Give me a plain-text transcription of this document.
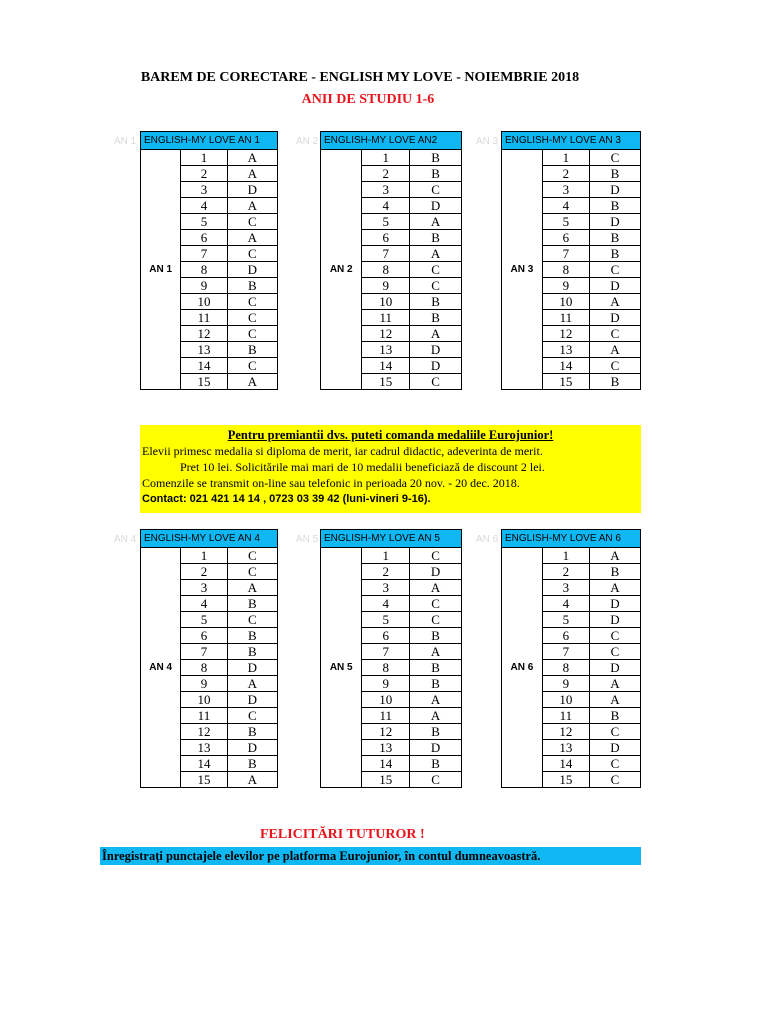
BAREM DE CORECTARE - ENGLISH MY LOVE - NOIEMBRIE 2018
ANII DE STUDIU 1-6
AN 1	AN 2	AN 3
AN 4	AN 5	AN 6
ENGLISH-MY LOVE AN 1		
AN 1	1	A
	2	A
	3	D
	4	A
	5	C
	6	A
	7	C
	8	D
	9	B
	10	C
	11	C
	12	C
	13	B
	14	C
	15	A
ENGLISH-MY LOVE AN2		
AN 2	1	B
	2	B
	3	C
	4	D
	5	A
	6	B
	7	A
	8	C
	9	C
	10	B
	11	B
	12	A
	13	D
	14	D
	15	C
ENGLISH-MY LOVE AN 3		
AN 3	1	C
	2	B
	3	D
	4	B
	5	D
	6	B
	7	B
	8	C
	9	D
	10	A
	11	D
	12	C
	13	A
	14	C
	15	B
Pentru premiantii dvs. puteti comanda medaliile Eurojunior!
Elevii primesc medalia si diploma de merit, iar cadrul didactic, adeverinta de merit.
Pret 10 lei. Solicitările mai mari de 10 medalii beneficiază de discount 2 lei.
Comenzile se transmit on-line sau telefonic in perioada 20 nov. - 20 dec. 2018.
Contact: 021 421 14 14 , 0723 03 39 42 (luni-vineri 9-16).
ENGLISH-MY LOVE AN 4		
AN 4	1	C
	2	C
	3	A
	4	B
	5	C
	6	B
	7	B
	8	D
	9	A
	10	D
	11	C
	12	B
	13	D
	14	B
	15	A
ENGLISH-MY LOVE AN 5		
AN 5	1	C
	2	D
	3	A
	4	C
	5	C
	6	B
	7	A
	8	B
	9	B
	10	A
	11	A
	12	B
	13	D
	14	B
	15	C
ENGLISH-MY LOVE AN 6		
AN 6	1	A
	2	B
	3	A
	4	D
	5	D
	6	C
	7	C
	8	D
	9	A
	10	A
	11	B
	12	C
	13	D
	14	C
	15	C
FELICITĂRI TUTUROR !
Înregistrați punctajele elevilor pe platforma Eurojunior, în contul dumneavoastră.
